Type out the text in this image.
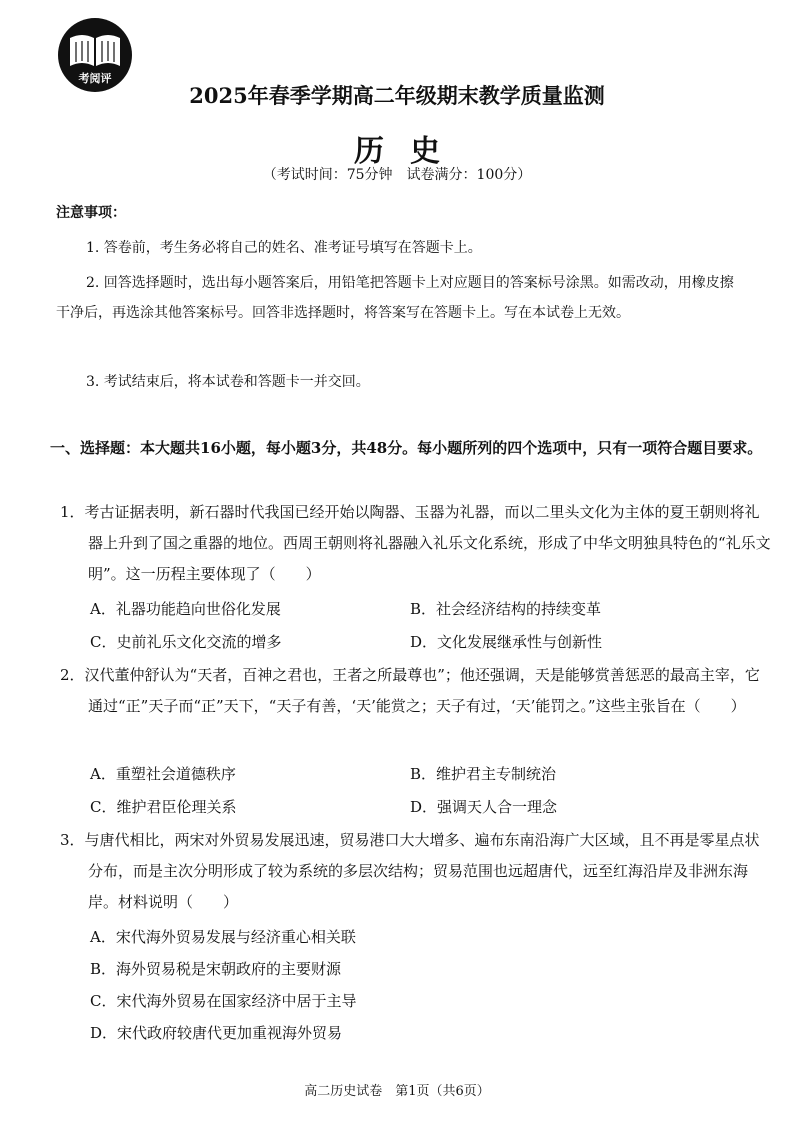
考阅评
2025年春季学期高二年级期末教学质量监测
历史
（考试时间：75分钟　试卷满分：100分）
注意事项：
1. 答卷前，考生务必将自己的姓名、准考证号填写在答题卡上。
2. 回答选择题时，选出每小题答案后，用铅笔把答题卡上对应题目的答案标号涂黑。如需改动，用橡皮擦干净后，再选涂其他答案标号。回答非选择题时，将答案写在答题卡上。写在本试卷上无效。
3. 考试结束后，将本试卷和答题卡一并交回。
一、选择题：本大题共16小题，每小题3分，共48分。每小题所列的四个选项中，只有一项符合题目要求。
1．考古证据表明，新石器时代我国已经开始以陶器、玉器为礼器，而以二里头文化为主体的夏王朝则将礼器上升到了国之重器的地位。西周王朝则将礼器融入礼乐文化系统，形成了中华文明独具特色的“礼乐文明”。这一历程主要体现了（　　）
A．礼器功能趋向世俗化发展	B．社会经济结构的持续变革
C．史前礼乐文化交流的增多	D．文化发展继承性与创新性
2．汉代董仲舒认为“天者，百神之君也，王者之所最尊也”；他还强调，天是能够赏善惩恶的最高主宰，它通过“正”天子而“正”天下，“天子有善，‘天’能赏之；天子有过，‘天’能罚之。”这些主张旨在（　　）
A．重塑社会道德秩序	B．维护君主专制统治
C．维护君臣伦理关系	D．强调天人合一理念
3．与唐代相比，两宋对外贸易发展迅速，贸易港口大大增多、遍布东南沿海广大区域，且不再是零星点状分布，而是主次分明形成了较为系统的多层次结构；贸易范围也远超唐代，远至红海沿岸及非洲东海岸。材料说明（　　）
A．宋代海外贸易发展与经济重心相关联
B．海外贸易税是宋朝政府的主要财源
C．宋代海外贸易在国家经济中居于主导
D．宋代政府较唐代更加重视海外贸易
高二历史试卷　第1页（共6页）
